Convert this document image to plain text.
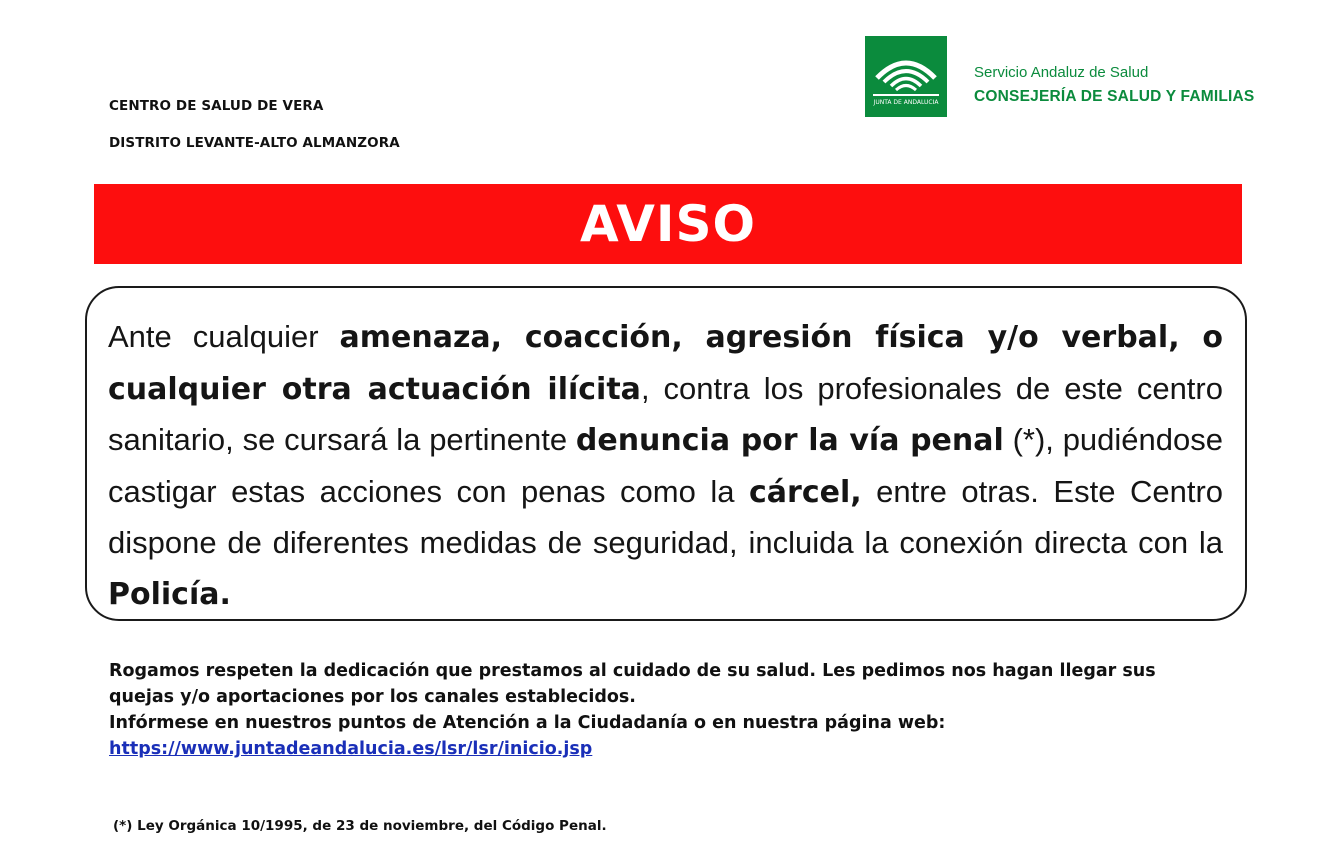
CENTRO DE SALUD DE VERA
DISTRITO LEVANTE-ALTO ALMANZORA
JUNTA DE ANDALUCIA
Servicio Andaluz de Salud
CONSEJERÍA DE SALUD Y FAMILIAS
AVISO
Ante cualquier amenaza, coacción, agresión física y/o verbal, o cualquier otra actuación ilícita, contra los profesionales de este centro sanitario, se cursará la pertinente denuncia por la vía penal (*), pudiéndose castigar estas acciones con penas como la cárcel, entre otras. Este Centro dispone de diferentes medidas de seguridad, incluida la conexión directa con la Policía.
Rogamos respeten la dedicación que prestamos al cuidado de su salud. Les pedimos nos hagan llegar sus quejas y/o aportaciones por los canales establecidos.
Infórmese en nuestros puntos de Atención a la Ciudadanía o en nuestra página web:
https://www.juntadeandalucia.es/lsr/lsr/inicio.jsp
(*) Ley Orgánica 10/1995, de 23 de noviembre, del Código Penal.
